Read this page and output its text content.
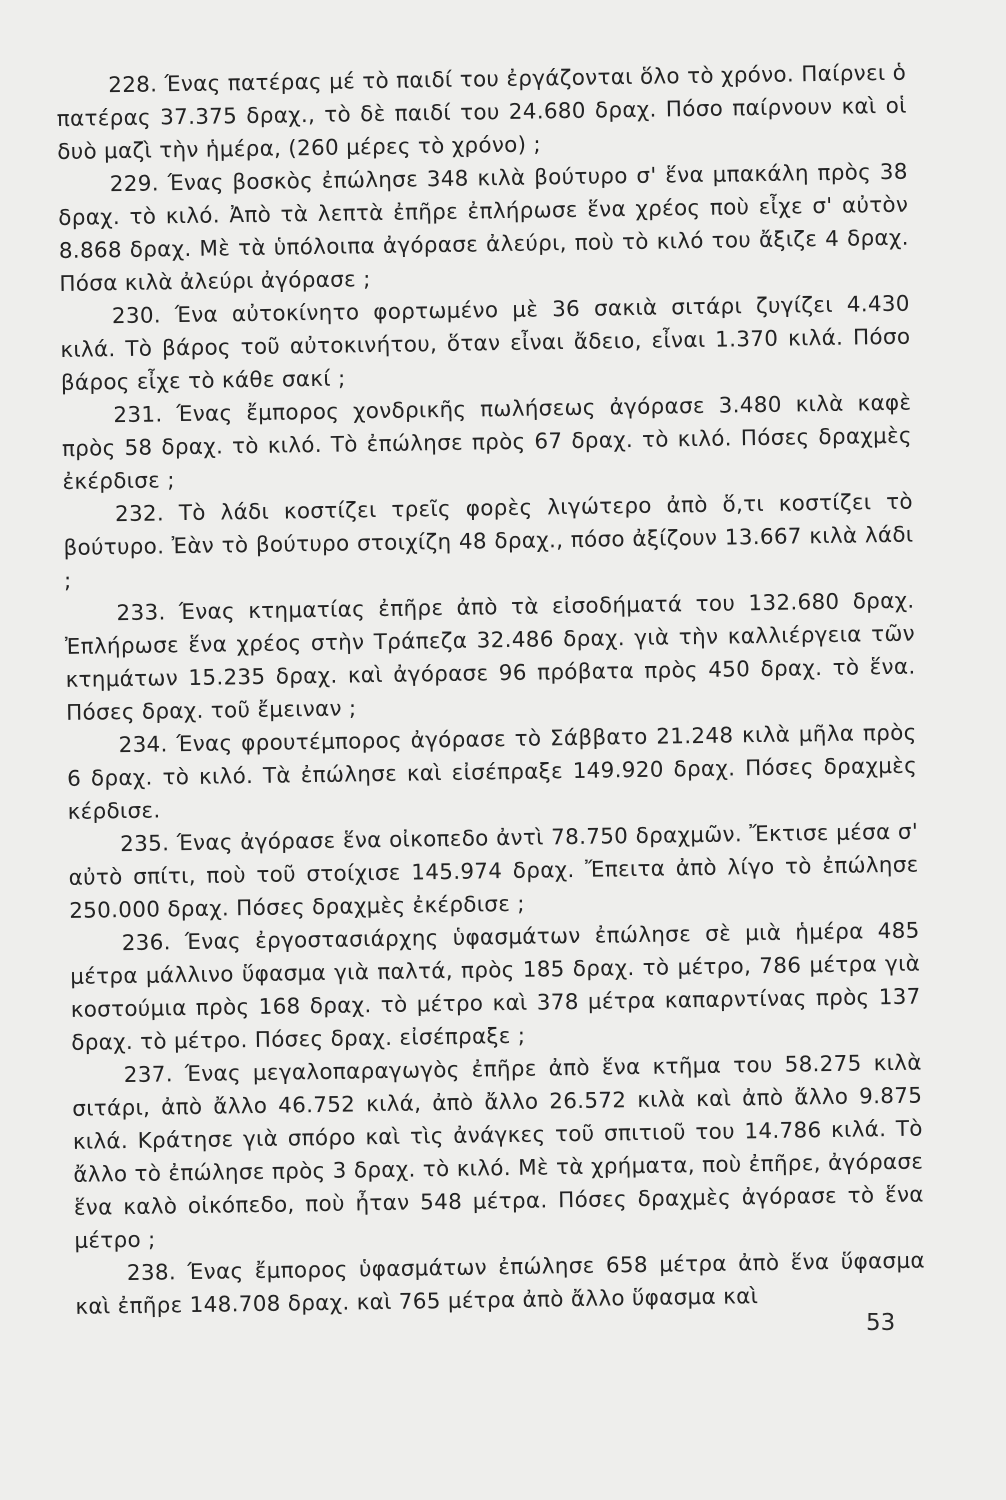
228. Ένας πατέρας μέ τὸ παιδί του ἐργάζονται ὅλο τὸ χρόνο. Παίρνει ὁ πατέρας 37.375 δραχ., τὸ δὲ παιδί του 24.680 δραχ. Πόσο παίρνουν καὶ οἱ δυὸ μαζὶ τὴν ἡμέρα, (260 μέρες τὸ χρόνο) ;

229. Ένας βοσκὸς ἐπώλησε 348 κιλὰ βούτυρο σ' ἕνα μπακάλη πρὸς 38 δραχ. τὸ κιλό. Ἀπὸ τὰ λεπτὰ ἐπῆρε ἐπλήρωσε ἕνα χρέος ποὺ εἶχε σ' αὐτὸν 8.868 δραχ. Μὲ τὰ ὑπόλοιπα ἀγόρασε ἀλεύρι, ποὺ τὸ κιλό του ἄξιζε 4 δραχ. Πόσα κιλὰ ἀλεύρι ἀγόρασε ;

230. Ένα αὐτοκίνητο φορτωμένο μὲ 36 σακιὰ σιτάρι ζυγίζει 4.430 κιλά. Τὸ βάρος τοῦ αὐτοκινήτου, ὅταν εἶναι ἄδειο, εἶναι 1.370 κιλά. Πόσο βάρος εἶχε τὸ κάθε σακί ;

231. Ένας ἔμπορος χονδρικῆς πωλήσεως ἀγόρασε 3.480 κιλὰ καφὲ πρὸς 58 δραχ. τὸ κιλό. Τὸ ἐπώλησε πρὸς 67 δραχ. τὸ κιλό. Πόσες δραχμὲς ἐκέρδισε ;

232. Τὸ λάδι κοστίζει τρεῖς φορὲς λιγώτερο ἀπὸ ὅ,τι κοστίζει τὸ βούτυρο. Ἐὰν τὸ βούτυρο στοιχίζη 48 δραχ., πόσο ἀξίζουν 13.667 κιλὰ λάδι ;

233. Ένας κτηματίας ἐπῆρε ἀπὸ τὰ εἰσοδήματά του 132.680 δραχ. Ἐπλήρωσε ἕνα χρέος στὴν Τράπεζα 32.486 δραχ. γιὰ τὴν καλλιέργεια τῶν κτημάτων 15.235 δραχ. καὶ ἀγόρασε 96 πρόβατα πρὸς 450 δραχ. τὸ ἕνα. Πόσες δραχ. τοῦ ἔμειναν ;

234. Ένας φρουτέμπορος ἀγόρασε τὸ Σάββατο 21.248 κιλὰ μῆλα πρὸς 6 δραχ. τὸ κιλό. Τὰ ἐπώλησε καὶ εἰσέπραξε 149.920 δραχ. Πόσες δραχμὲς κέρδισε.

235. Ένας ἀγόρασε ἕνα οἰκοπεδο ἀντὶ 78.750 δραχμῶν. Ἔκτισε μέσα σ' αὐτὸ σπίτι, ποὺ τοῦ στοίχισε 145.974 δραχ. Ἔπειτα ἀπὸ λίγο τὸ ἐπώλησε 250.000 δραχ. Πόσες δραχμὲς ἐκέρδισε ;

236. Ένας ἐργοστασιάρχης ὑφασμάτων ἐπώλησε σὲ μιὰ ἡμέρα 485 μέτρα μάλλινο ὕφασμα γιὰ παλτά, πρὸς 185 δραχ. τὸ μέτρο, 786 μέτρα γιὰ κοστούμια πρὸς 168 δραχ. τὸ μέτρο καὶ 378 μέτρα καπαρντίνας πρὸς 137 δραχ. τὸ μέτρο. Πόσες δραχ. εἰσέπραξε ;

237. Ένας μεγαλοπαραγωγὸς ἐπῆρε ἀπὸ ἕνα κτῆμα του 58.275 κιλὰ σιτάρι, ἀπὸ ἄλλο 46.752 κιλά, ἀπὸ ἄλλο 26.572 κιλὰ καὶ ἀπὸ ἄλλο 9.875 κιλά. Κράτησε γιὰ σπόρο καὶ τὶς ἀνάγκες τοῦ σπιτιοῦ του 14.786 κιλά. Τὸ ἄλλο τὸ ἐπώλησε πρὸς 3 δραχ. τὸ κιλό. Μὲ τὰ χρήματα, ποὺ ἐπῆρε, ἀγόρασε ἕνα καλὸ οἰκόπεδο, ποὺ ἦταν 548 μέτρα. Πόσες δραχμὲς ἀγόρασε τὸ ἕνα μέτρο ;

238. Ένας ἔμπορος ὑφασμάτων ἐπώλησε 658 μέτρα ἀπὸ ἕνα ὕφασμα καὶ ἐπῆρε 148.708 δραχ. καὶ 765 μέτρα ἀπὸ ἄλλο ὕφασμα καὶ

53
